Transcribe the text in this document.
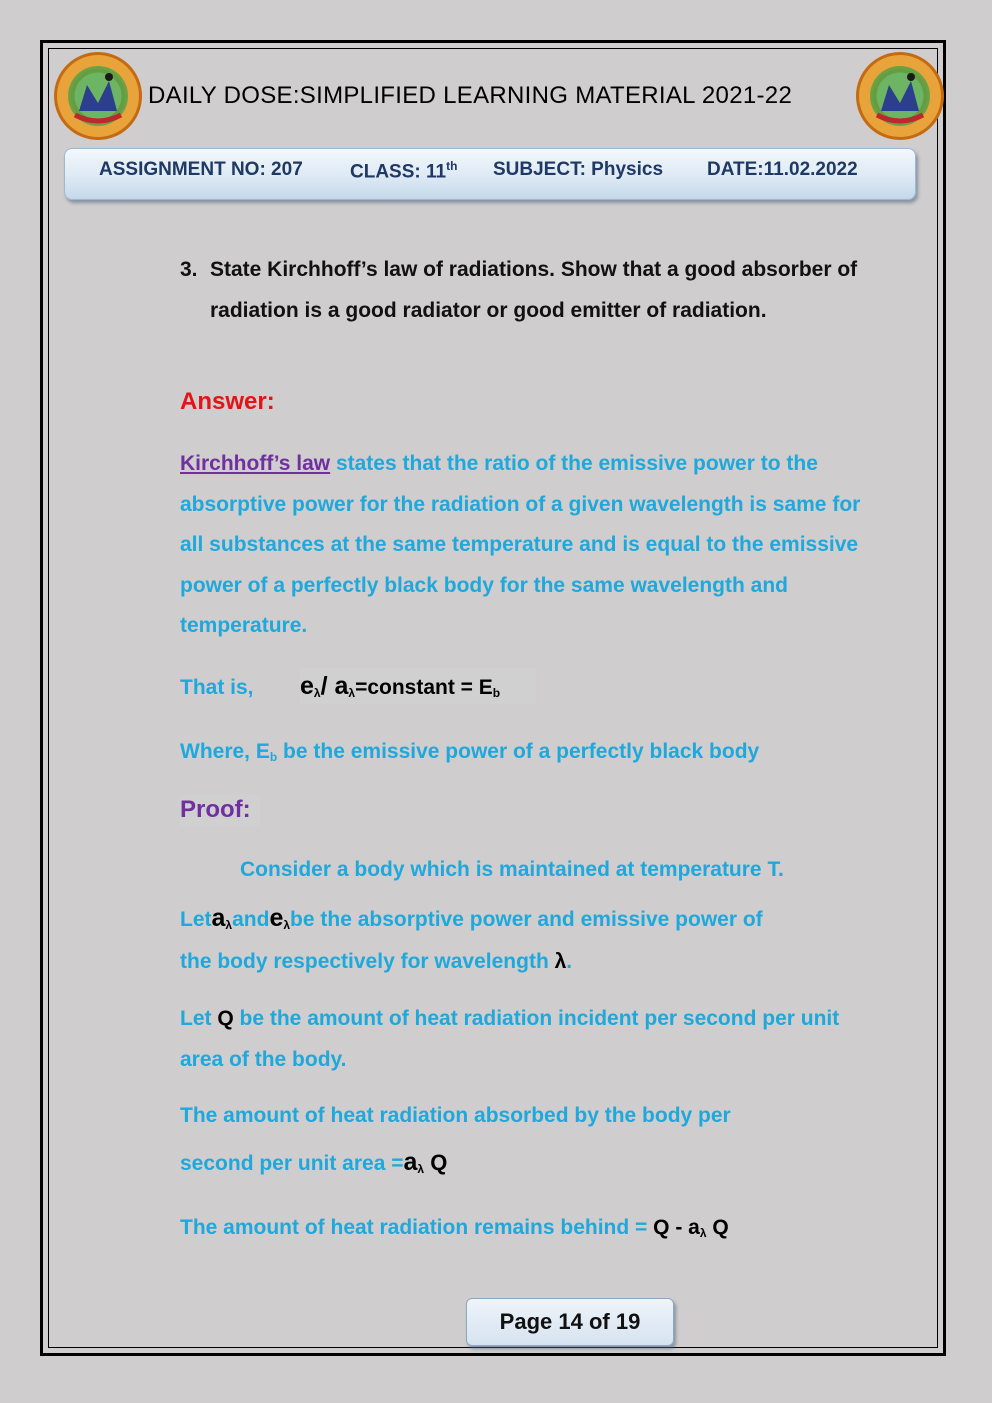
DAILY DOSE:SIMPLIFIED LEARNING MATERIAL 2021-22
ASSIGNMENT NO: 207 CLASS: 11th SUBJECT: Physics DATE:11.02.2022
3. State Kirchhoff’s law of radiations. Show that a good absorber of radiation is a good radiator or good emitter of radiation.
Answer:
Kirchhoff’s law states that the ratio of the emissive power to the absorptive power for the radiation of a given wavelength is same for all substances at the same temperature and is equal to the emissive power of a perfectly black body for the same wavelength and temperature.
That is,	$e_\lambda/$ $a_\lambda=constant = E_b$
Where, $E_b$ be the emissive power of a perfectly black body
Proof:
Consider a body which is maintained at temperature T.
Leta$_\lambda$ande$_\lambda$be the absorptive power and emissive power of
the body respectively for wavelength λ.
Let Q be the amount of heat radiation incident per second per unit area of the body.
The amount of heat radiation absorbed by the body per
second per unit area $=a_\lambda$ Q
The amount of heat radiation remains behind = Q - $a_\lambda$ Q
Page 14 of 19
